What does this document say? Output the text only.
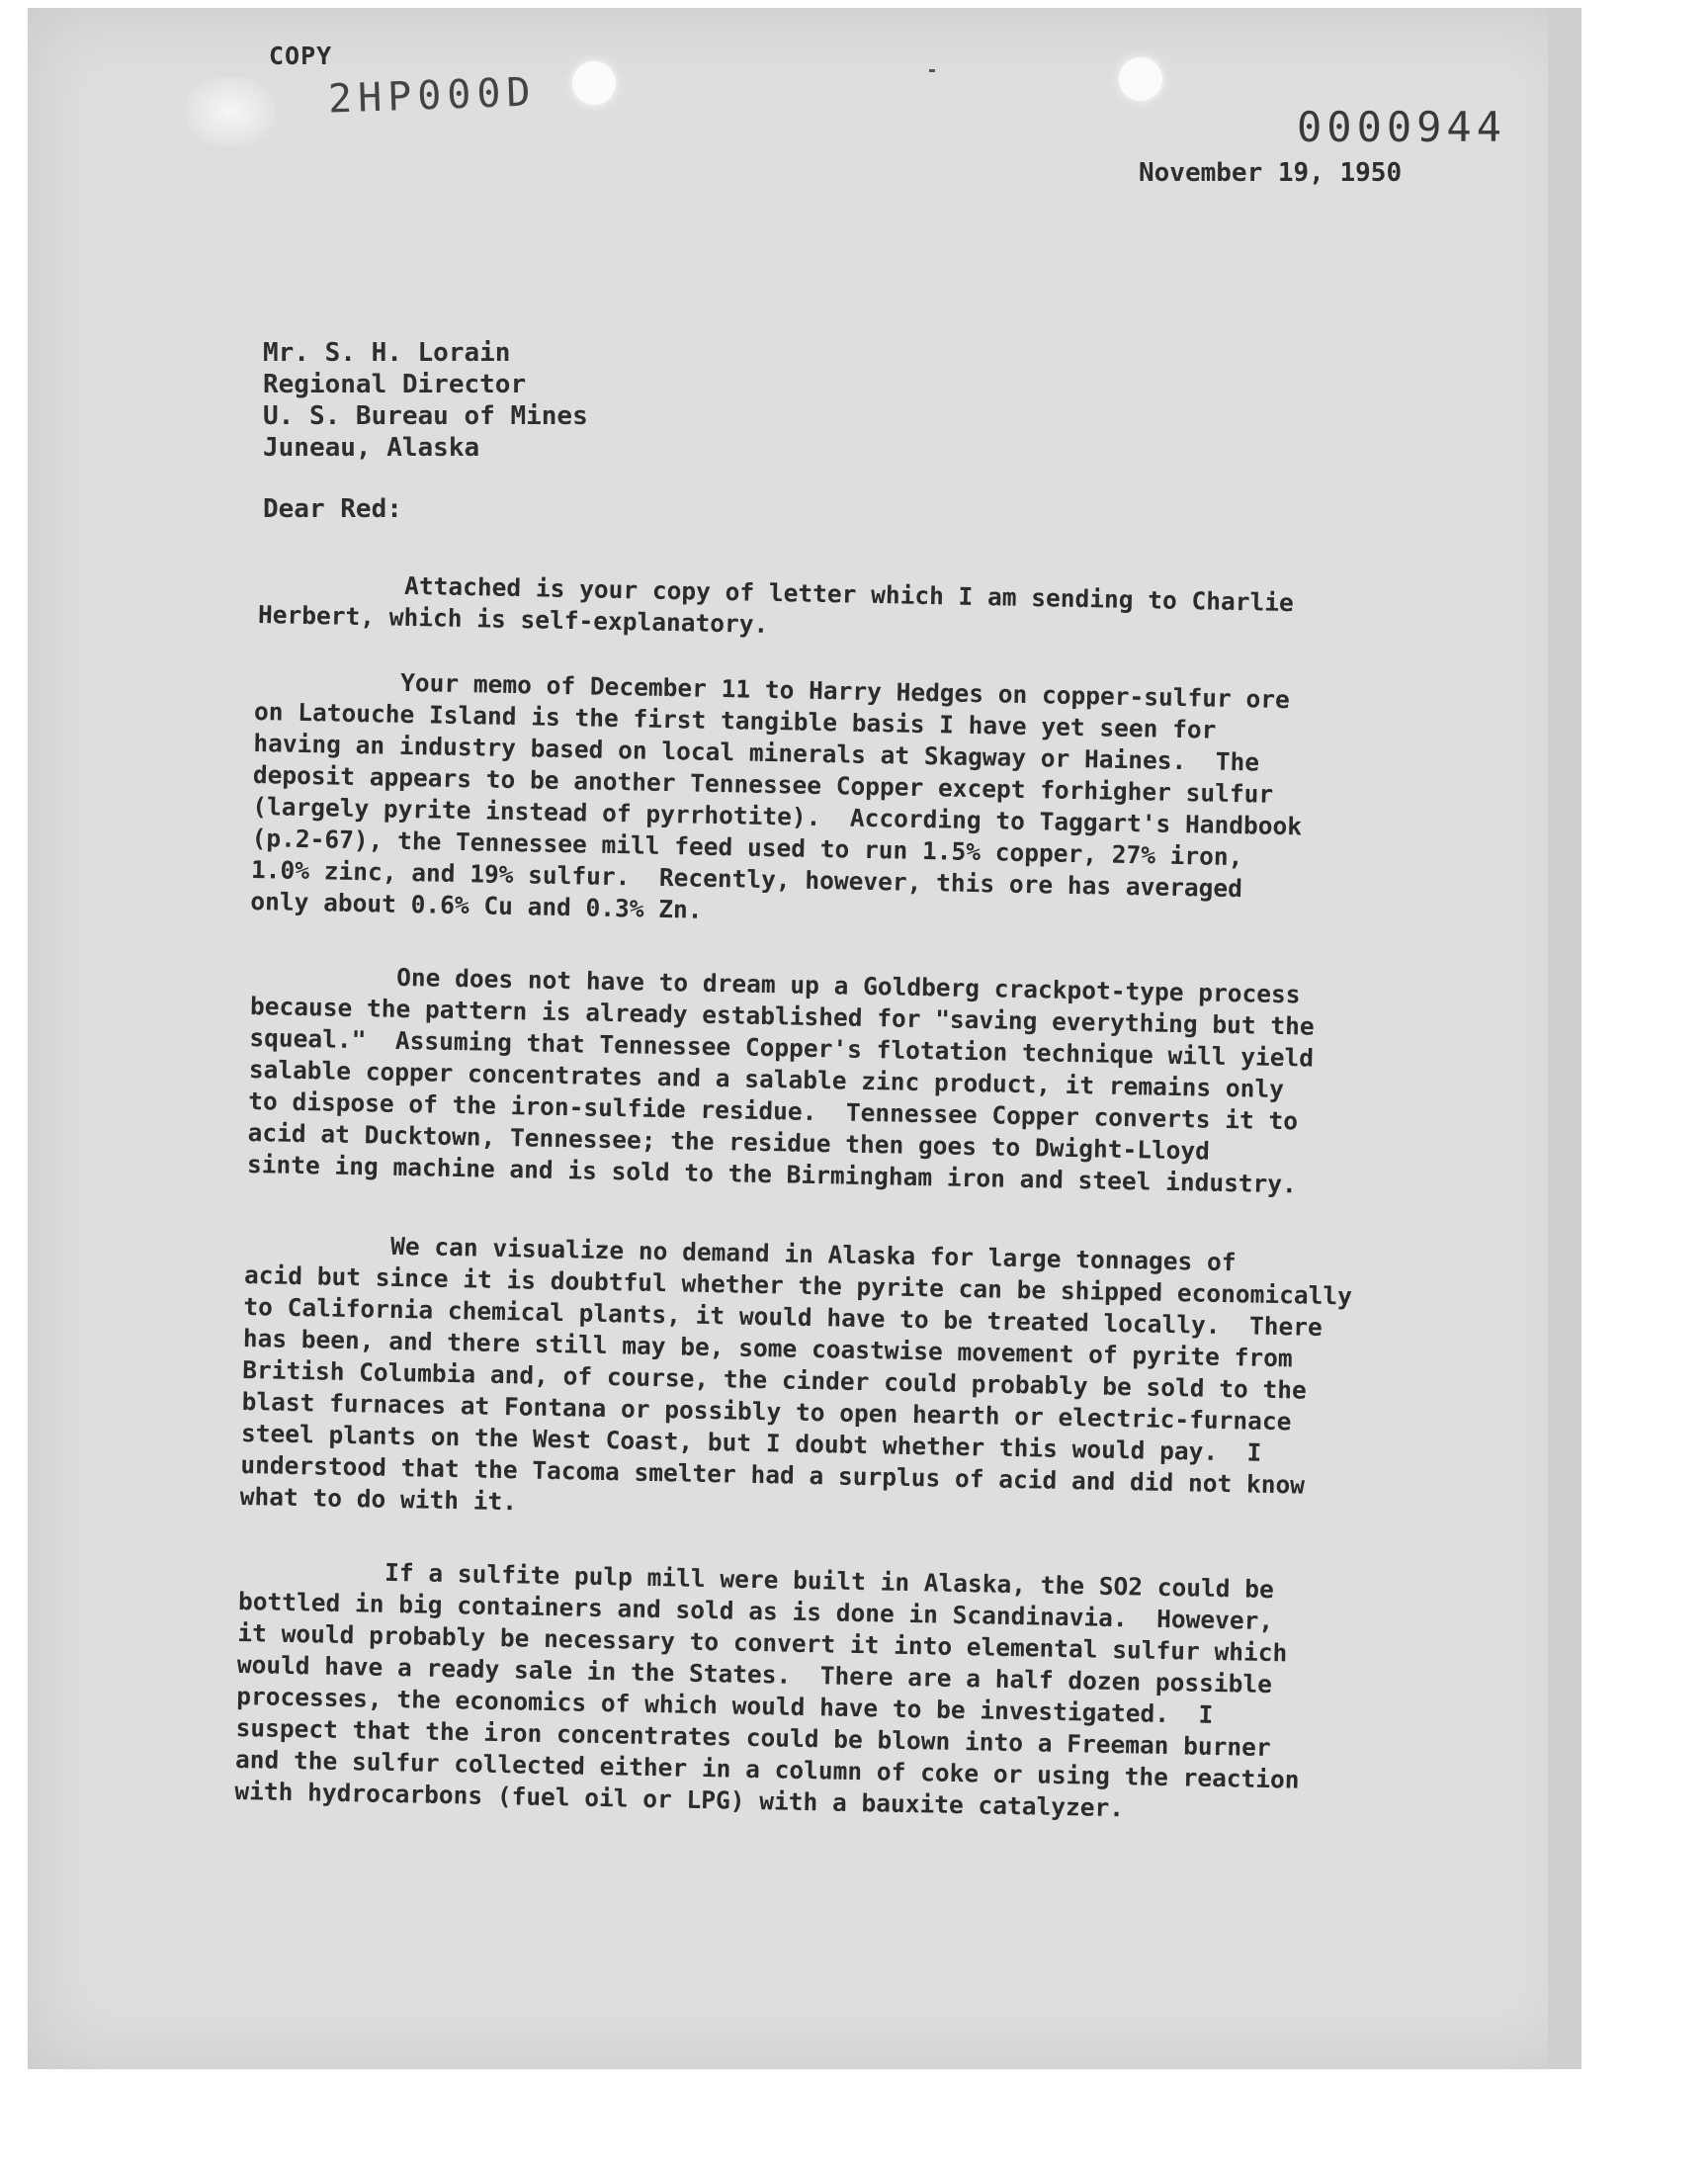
COPY
2HP000D
0000944
November 19, 1950
Mr. S. H. Lorain
Regional Director
U. S. Bureau of Mines
Juneau, Alaska
Dear Red:
Attached is your copy of letter which I am sending to Charlie
Herbert, which is self-explanatory.
Your memo of December 11 to Harry Hedges on copper-sulfur ore
on Latouche Island is the first tangible basis I have yet seen for
having an industry based on local minerals at Skagway or Haines.  The
deposit appears to be another Tennessee Copper except forhigher sulfur
(largely pyrite instead of pyrrhotite).  According to Taggart's Handbook
(p.2-67), the Tennessee mill feed used to run 1.5% copper, 27% iron,
1.0% zinc, and 19% sulfur.  Recently, however, this ore has averaged
only about 0.6% Cu and 0.3% Zn.
One does not have to dream up a Goldberg crackpot-type process
because the pattern is already established for "saving everything but the
squeal."  Assuming that Tennessee Copper's flotation technique will yield
salable copper concentrates and a salable zinc product, it remains only
to dispose of the iron-sulfide residue.  Tennessee Copper converts it to
acid at Ducktown, Tennessee; the residue then goes to Dwight-Lloyd
sinte ing machine and is sold to the Birmingham iron and steel industry.
We can visualize no demand in Alaska for large tonnages of
acid but since it is doubtful whether the pyrite can be shipped economically
to California chemical plants, it would have to be treated locally.  There
has been, and there still may be, some coastwise movement of pyrite from
British Columbia and, of course, the cinder could probably be sold to the
blast furnaces at Fontana or possibly to open hearth or electric-furnace
steel plants on the West Coast, but I doubt whether this would pay.  I
understood that the Tacoma smelter had a surplus of acid and did not know
what to do with it.
If a sulfite pulp mill were built in Alaska, the SO2 could be
bottled in big containers and sold as is done in Scandinavia.  However,
it would probably be necessary to convert it into elemental sulfur which
would have a ready sale in the States.  There are a half dozen possible
processes, the economics of which would have to be investigated.  I
suspect that the iron concentrates could be blown into a Freeman burner
and the sulfur collected either in a column of coke or using the reaction
with hydrocarbons (fuel oil or LPG) with a bauxite catalyzer.
